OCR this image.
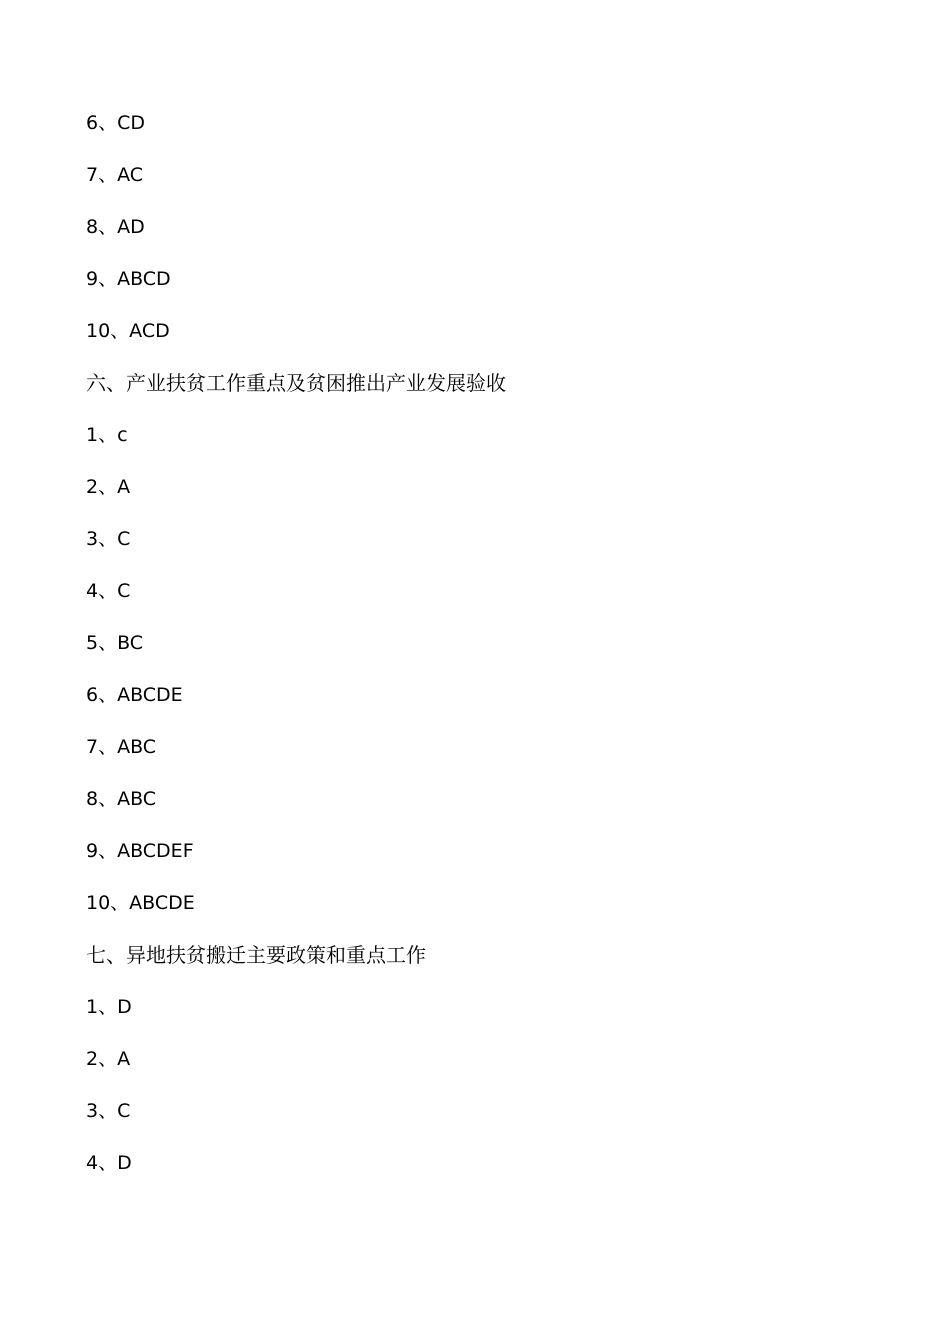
6、CD
7、AC
8、AD
9、ABCD
10、ACD
六、产业扶贫工作重点及贫困推出产业发展验收
1、c
2、A
3、C
4、C
5、BC
6、ABCDE
7、ABC
8、ABC
9、ABCDEF
10、ABCDE
七、异地扶贫搬迁主要政策和重点工作
1、D
2、A
3、C
4、D
